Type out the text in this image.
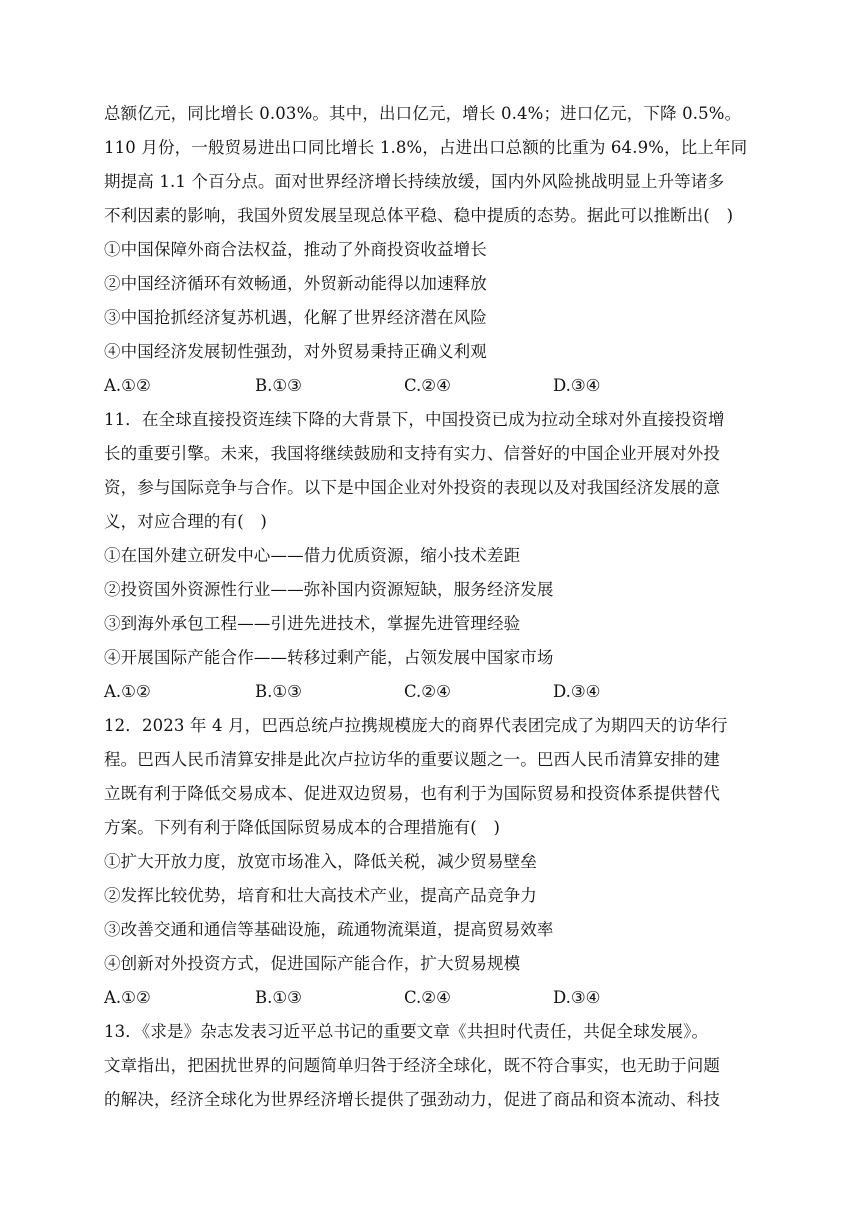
总额亿元，同比增长 0.03%。其中，出口亿元，增长 0.4%；进口亿元，下降 0.5%。
110 月份，一般贸易进出口同比增长 1.8%，占进出口总额的比重为 64.9%，比上年同
期提高 1.1 个百分点。面对世界经济增长持续放缓，国内外风险挑战明显上升等诸多
不利因素的影响，我国外贸发展呈现总体平稳、稳中提质的态势。据此可以推断出(　)
①中国保障外商合法权益，推动了外商投资收益增长
②中国经济循环有效畅通，外贸新动能得以加速释放
③中国抢抓经济复苏机遇，化解了世界经济潜在风险
④中国经济发展韧性强劲，对外贸易秉持正确义利观
A.①②	B.①③	C.②④	D.③④
11．在全球直接投资连续下降的大背景下，中国投资已成为拉动全球对外直接投资增
长的重要引擎。未来，我国将继续鼓励和支持有实力、信誉好的中国企业开展对外投
资，参与国际竞争与合作。以下是中国企业对外投资的表现以及对我国经济发展的意
义，对应合理的有(　)
①在国外建立研发中心——借力优质资源，缩小技术差距
②投资国外资源性行业——弥补国内资源短缺，服务经济发展
③到海外承包工程——引进先进技术，掌握先进管理经验
④开展国际产能合作——转移过剩产能，占领发展中国家市场
A.①②	B.①③	C.②④	D.③④
12．2023 年 4 月，巴西总统卢拉携规模庞大的商界代表团完成了为期四天的访华行
程。巴西人民币清算安排是此次卢拉访华的重要议题之一。巴西人民币清算安排的建
立既有利于降低交易成本、促进双边贸易，也有利于为国际贸易和投资体系提供替代
方案。下列有利于降低国际贸易成本的合理措施有(　)
①扩大开放力度，放宽市场准入，降低关税，减少贸易壁垒
②发挥比较优势，培育和壮大高技术产业，提高产品竞争力
③改善交通和通信等基础设施，疏通物流渠道，提高贸易效率
④创新对外投资方式，促进国际产能合作，扩大贸易规模
A.①②	B.①③	C.②④	D.③④
13．《求是》杂志发表习近平总书记的重要文章《共担时代责任，共促全球发展》。
文章指出，把困扰世界的问题简单归咎于经济全球化，既不符合事实，也无助于问题
的解决，经济全球化为世界经济增长提供了强劲动力，促进了商品和资本流动、科技
